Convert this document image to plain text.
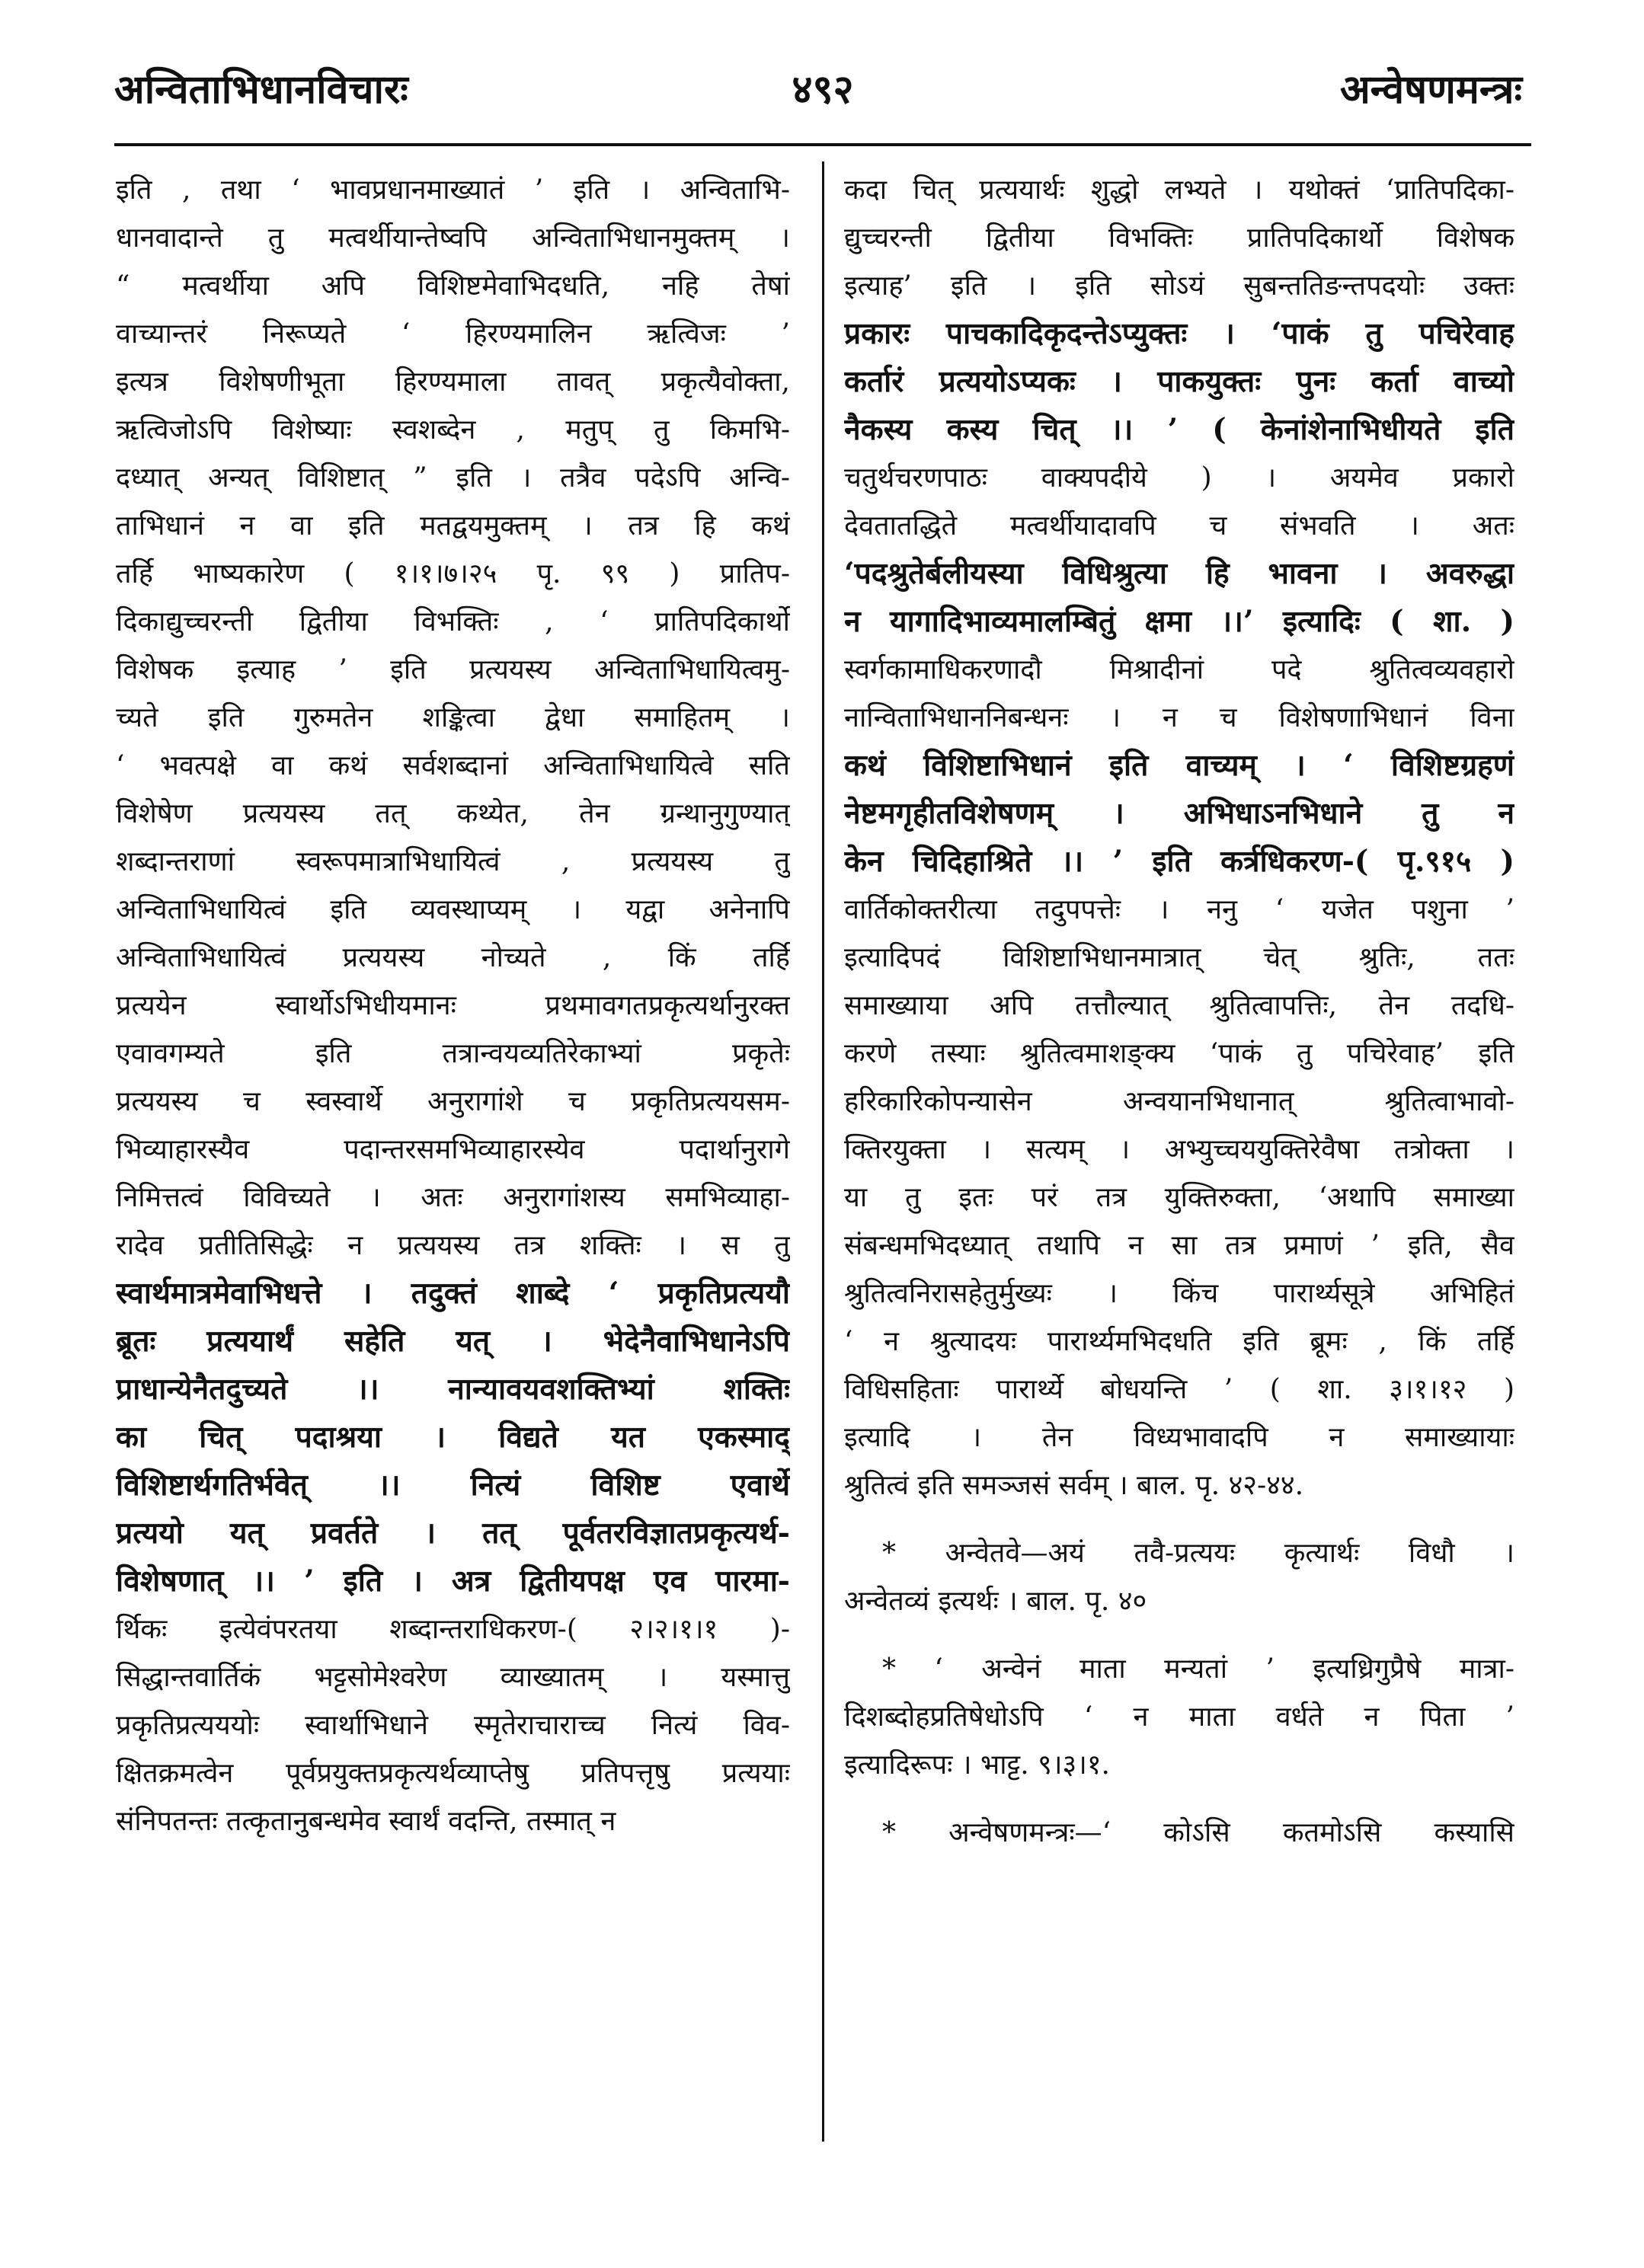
अन्विताभिधानविचारः	४९२	अन्वेषणमन्त्रः
इति , तथा ‘ भावप्रधानमाख्यातं ’ इति । अन्विताभि-
धानवादान्ते तु मत्वर्थीयान्तेष्वपि अन्विताभिधानमुक्तम् ।
“ मत्वर्थीया अपि विशिष्टमेवाभिदधति, नहि तेषां
वाच्यान्तरं निरूप्यते ‘ हिरण्यमालिन ऋत्विजः ’
इत्यत्र विशेषणीभूता हिरण्यमाला तावत् प्रकृत्यैवोक्ता,
ऋत्विजोऽपि विशेष्याः स्वशब्देन , मतुप् तु किमभि-
दध्यात् अन्यत् विशिष्टात् ” इति । तत्रैव पदेऽपि अन्वि-
ताभिधानं न वा इति मतद्वयमुक्तम् । तत्र हि कथं
तर्हि भाष्यकारेण ( १।१।७।२५ पृ. ९९ ) प्रातिप-
दिकाद्युच्चरन्ती द्वितीया विभक्तिः , ‘ प्रातिपदिकार्थो
विशेषक इत्याह ’ इति प्रत्ययस्य अन्विताभिधायित्वमु-
च्यते इति गुरुमतेन शङ्कित्वा द्वेधा समाहितम् ।
‘ भवत्पक्षे वा कथं सर्वशब्दानां अन्विताभिधायित्वे सति
विशेषेण प्रत्ययस्य तत् कथ्येत, तेन ग्रन्थानुगुण्यात्
शब्दान्तराणां स्वरूपमात्राभिधायित्वं , प्रत्ययस्य तु
अन्विताभिधायित्वं इति व्यवस्थाप्यम् । यद्वा अनेनापि
अन्विताभिधायित्वं प्रत्ययस्य नोच्यते , किं तर्हि
प्रत्ययेन स्वार्थोऽभिधीयमानः प्रथमावगतप्रकृत्यर्थानुरक्त
एवावगम्यते इति तत्रान्वयव्यतिरेकाभ्यां प्रकृतेः
प्रत्ययस्य च स्वस्वार्थे अनुरागांशे च प्रकृतिप्रत्ययसम-
भिव्याहारस्यैव पदान्तरसमभिव्याहारस्येव पदार्थानुरागे
निमित्तत्वं विविच्यते । अतः अनुरागांशस्य समभिव्याहा-
रादेव प्रतीतिसिद्धेः न प्रत्ययस्य तत्र शक्तिः । स तु
स्वार्थमात्रमेवाभिधत्ते । तदुक्तं शाब्दे ‘ प्रकृतिप्रत्ययौ
ब्रूतः प्रत्ययार्थं सहेति यत् । भेदेनैवाभिधानेऽपि
प्राधान्येनैतदुच्यते ।। नान्यावयवशक्तिभ्यां शक्तिः
का चित् पदाश्रया । विद्यते यत एकस्माद्
विशिष्टार्थगतिर्भवेत् ।। नित्यं विशिष्ट एवार्थे
प्रत्ययो यत् प्रवर्तते । तत् पूर्वतरविज्ञातप्रकृत्यर्थ-
विशेषणात् ।। ’ इति । अत्र द्वितीयपक्ष एव पारमा-
र्थिकः इत्येवंपरतया शब्दान्तराधिकरण-( २।२।१।१ )-
सिद्धान्तवार्तिकं भट्टसोमेश्वरेण व्याख्यातम् । यस्मात्तु
प्रकृतिप्रत्यययोः स्वार्थाभिधाने स्मृतेराचाराच्च नित्यं विव-
क्षितक्रमत्वेन पूर्वप्रयुक्तप्रकृत्यर्थव्याप्तेषु प्रतिपत्तृषु प्रत्ययाः
संनिपतन्तः तत्कृतानुबन्धमेव स्वार्थं वदन्ति, तस्मात् न
कदा चित् प्रत्ययार्थः शुद्धो लभ्यते । यथोक्तं ‘प्रातिपदिका-
द्युच्चरन्ती द्वितीया विभक्तिः प्रातिपदिकार्थो विशेषक
इत्याह’ इति । इति सोऽयं सुबन्ततिङन्तपदयोः उक्तः
प्रकारः पाचकादिकृदन्तेऽप्युक्तः । ‘पाकं तु पचिरेवाह
कर्तारं प्रत्ययोऽप्यकः । पाकयुक्तः पुनः कर्ता वाच्यो
नैकस्य कस्य चित् ।। ’ ( केनांशेनाभिधीयते इति
चतुर्थचरणपाठः वाक्यपदीये ) । अयमेव प्रकारो
देवतातद्धिते मत्वर्थीयादावपि च संभवति । अतः
‘पदश्रुतेर्बलीयस्या विधिश्रुत्या हि भावना । अवरुद्धा
न यागादिभाव्यमालम्बितुं क्षमा ।।’ इत्यादिः ( शा. )
स्वर्गकामाधिकरणादौ मिश्रादीनां पदे श्रुतित्वव्यवहारो
नान्विताभिधाननिबन्धनः । न च विशेषणाभिधानं विना
कथं विशिष्टाभिधानं इति वाच्यम् । ‘ विशिष्टग्रहणं
नेष्टमगृहीतविशेषणम् । अभिधाऽनभिधाने तु न
केन चिदिहाश्रिते ।। ’ इति कर्त्रधिकरण-( पृ.९१५ )
वार्तिकोक्तरीत्या तदुपपत्तेः । ननु ‘ यजेत पशुना ’
इत्यादिपदं विशिष्टाभिधानमात्रात् चेत् श्रुतिः, ततः
समाख्याया अपि तत्तौल्यात् श्रुतित्वापत्तिः, तेन तदधि-
करणे तस्याः श्रुतित्वमाशङ्क्य ‘पाकं तु पचिरेवाह’ इति
हरिकारिकोपन्यासेन अन्वयानभिधानात् श्रुतित्वाभावो-
क्तिरयुक्ता । सत्यम् । अभ्युच्चययुक्तिरेवैषा तत्रोक्ता ।
या तु इतः परं तत्र युक्तिरुक्ता, ‘अथापि समाख्या
संबन्धमभिदध्यात् तथापि न सा तत्र प्रमाणं ’ इति, सैव
श्रुतित्वनिरासहेतुर्मुख्यः । किंच पारार्थ्यसूत्रे अभिहितं
‘ न श्रुत्यादयः पारार्थ्यमभिदधति इति ब्रूमः , किं तर्हि
विधिसहिताः पारार्थ्ये बोधयन्ति ’ ( शा. ३।१।१२ )
इत्यादि । तेन विध्यभावादपि न समाख्यायाः
श्रुतित्वं इति समञ्जसं सर्वम् । बाल. पृ. ४२-४४.
* अन्वेतवे—अयं तवै-प्रत्ययः कृत्यार्थः विधौ ।
अन्वेतव्यं इत्यर्थः । बाल. पृ. ४०
* ‘ अन्वेनं माता मन्यतां ’ इत्यध्रिगुप्रैषे मात्रा-
दिशब्दोहप्रतिषेधोऽपि ‘ न माता वर्धते न पिता ’
इत्यादिरूपः । भाट्ट. ९।३।१.
* अन्वेषणमन्त्रः—‘ कोऽसि कतमोऽसि कस्यासि
